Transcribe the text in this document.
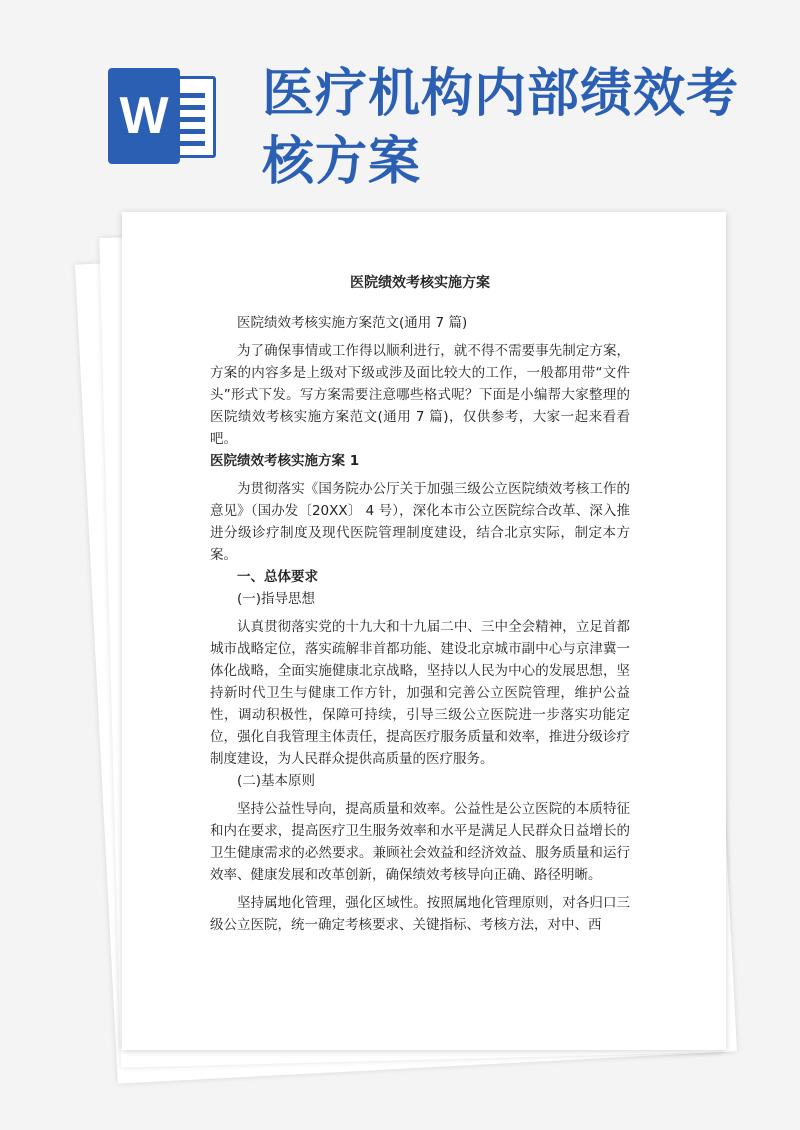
W 医疗机构内部绩效考核方案

医院绩效考核实施方案

医院绩效考核实施方案范文(通用 7 篇)

为了确保事情或工作得以顺利进行，就不得不需要事先制定方案，方案的内容多是上级对下级或涉及面比较大的工作，一般都用带“文件头”形式下发。写方案需要注意哪些格式呢？下面是小编帮大家整理的医院绩效考核实施方案范文(通用 7 篇)，仅供参考，大家一起来看看吧。

医院绩效考核实施方案 1

为贯彻落实《国务院办公厅关于加强三级公立医院绩效考核工作的意见》（国办发〔20XX〕 4 号），深化本市公立医院综合改革、深入推进分级诊疗制度及现代医院管理制度建设，结合北京实际，制定本方案。

一、总体要求

(一)指导思想

认真贯彻落实党的十九大和十九届二中、三中全会精神，立足首都城市战略定位，落实疏解非首都功能、建设北京城市副中心与京津冀一体化战略，全面实施健康北京战略，坚持以人民为中心的发展思想，坚持新时代卫生与健康工作方针，加强和完善公立医院管理，维护公益性，调动积极性，保障可持续，引导三级公立医院进一步落实功能定位，强化自我管理主体责任，提高医疗服务质量和效率，推进分级诊疗制度建设，为人民群众提供高质量的医疗服务。

(二)基本原则

坚持公益性导向，提高质量和效率。公益性是公立医院的本质特征和内在要求，提高医疗卫生服务效率和水平是满足人民群众日益增长的卫生健康需求的必然要求。兼顾社会效益和经济效益、服务质量和运行效率、健康发展和改革创新，确保绩效考核导向正确、路径明晰。

坚持属地化管理，强化区域性。按照属地化管理原则，对各归口三级公立医院，统一确定考核要求、关键指标、考核方法，对中、西
